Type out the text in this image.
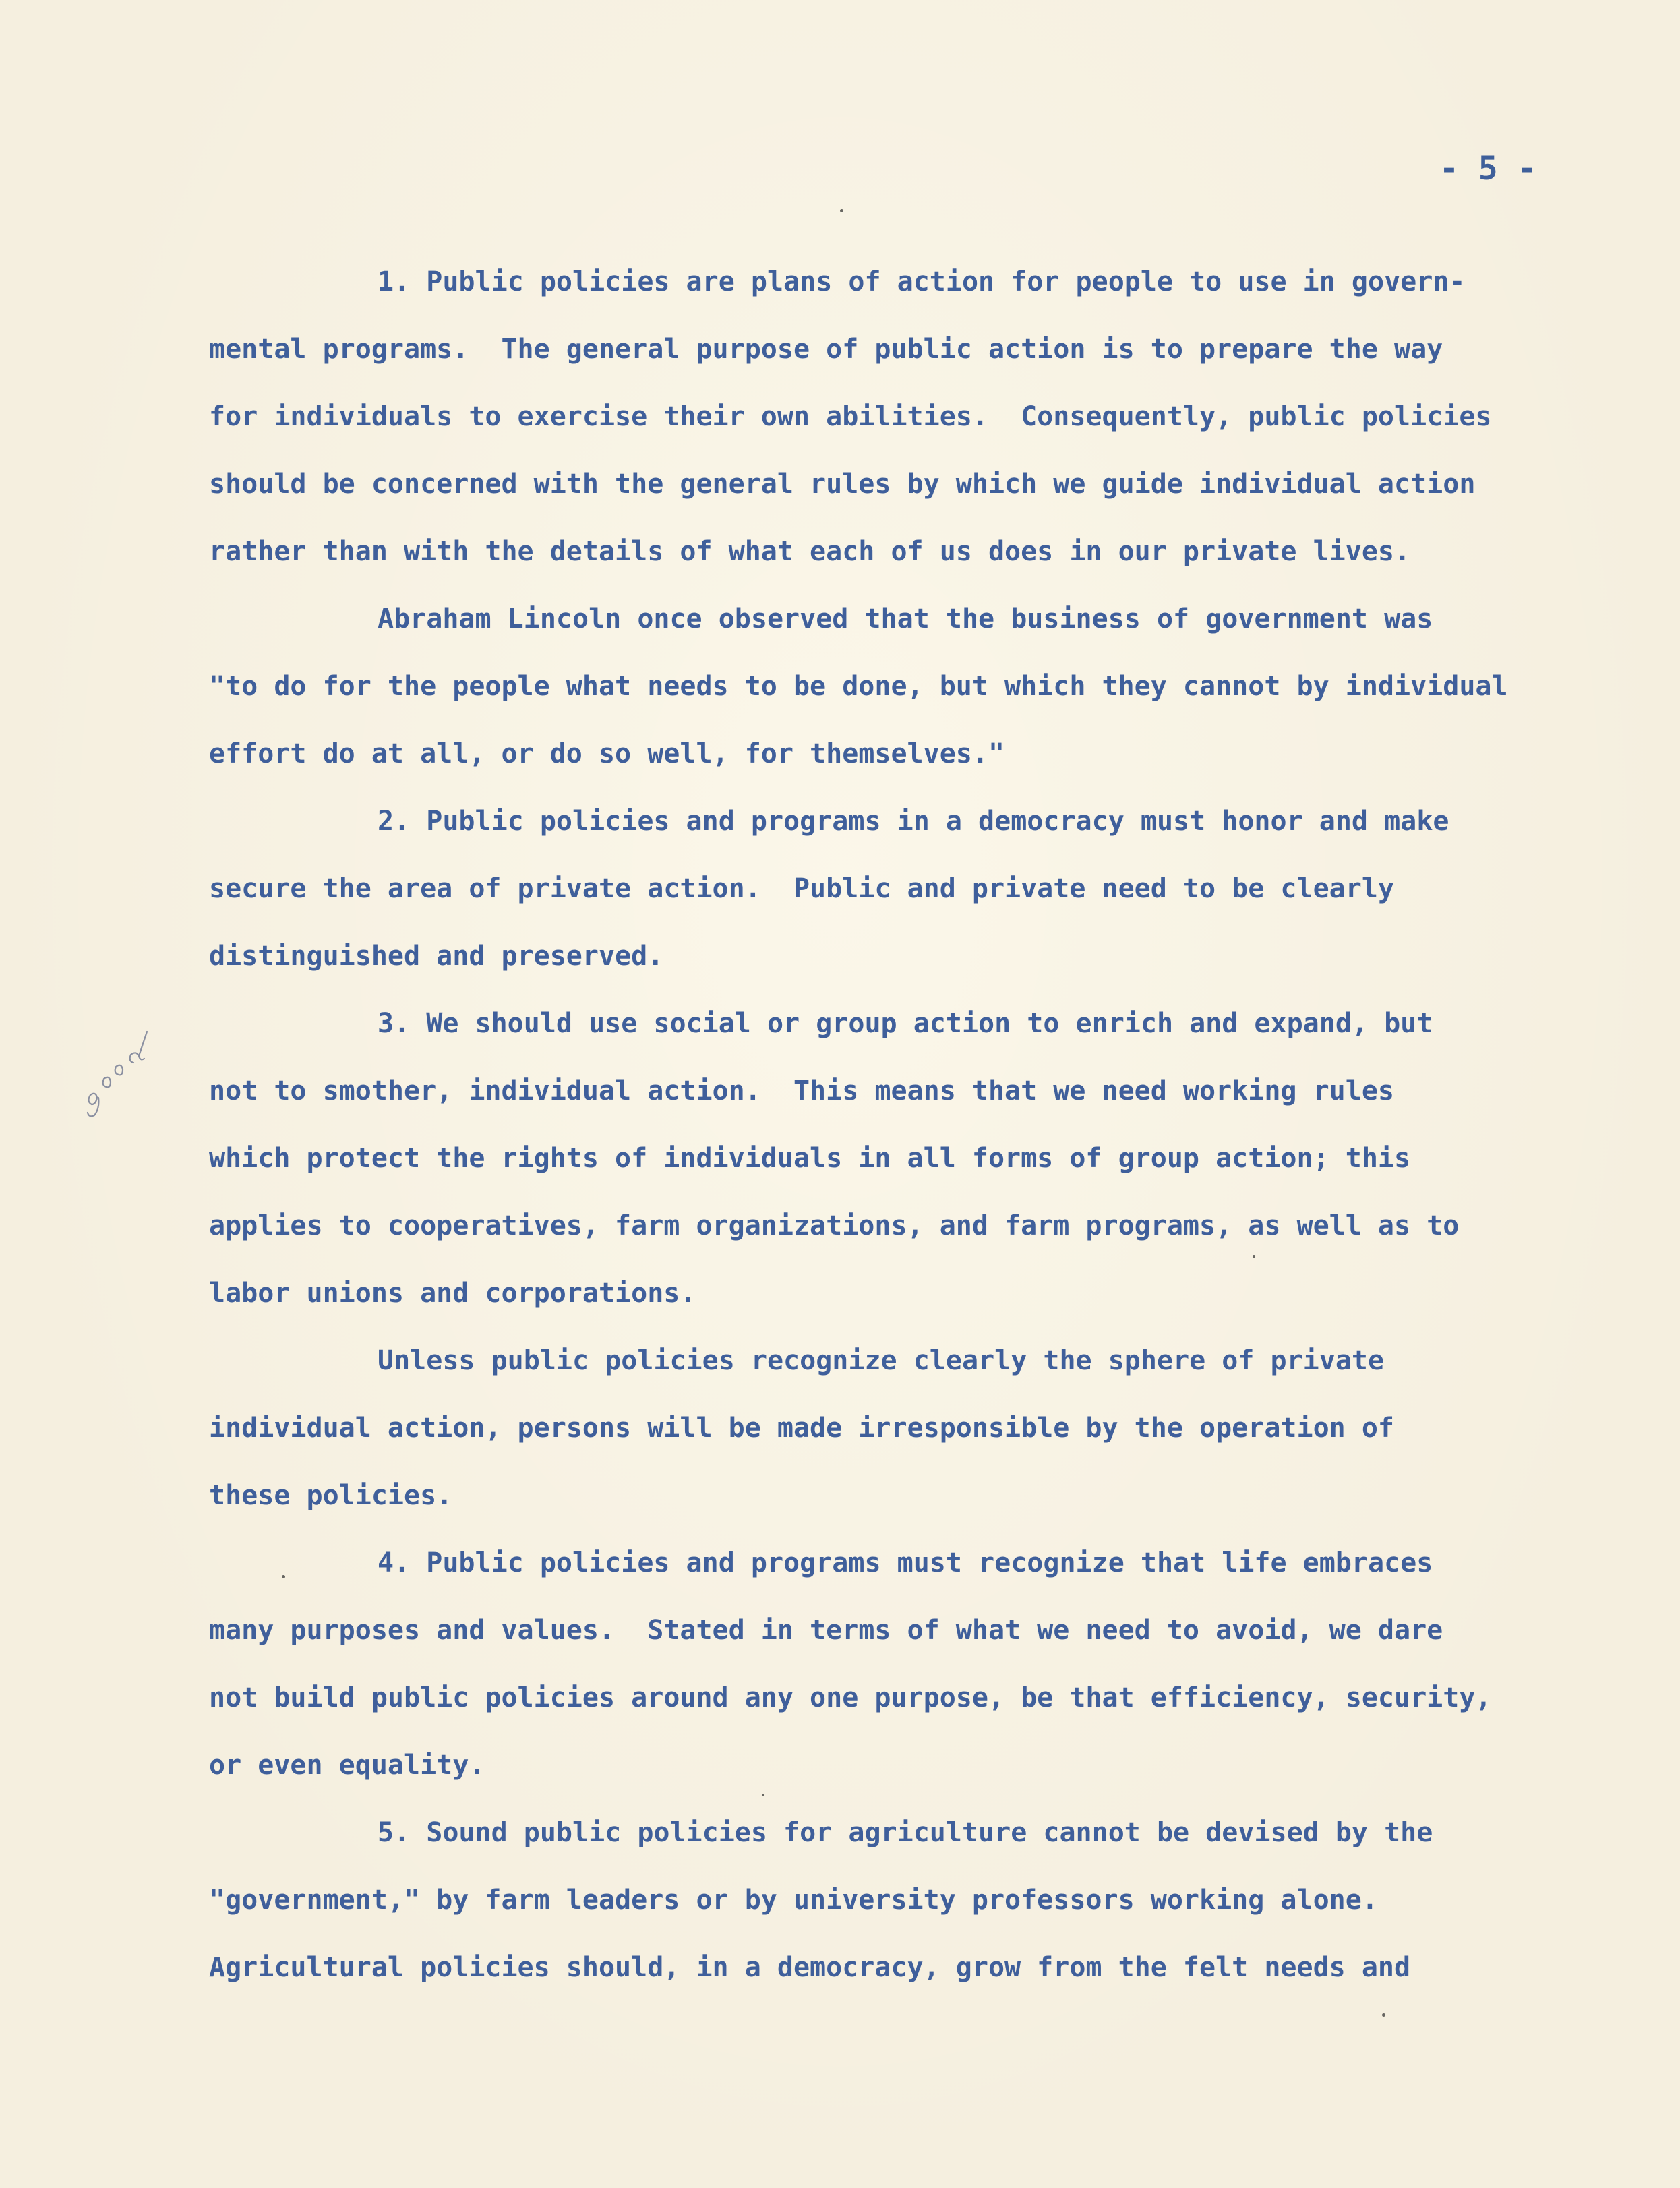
- 5 -
1. Public policies are plans of action for people to use in govern-
mental programs.  The general purpose of public action is to prepare the way
for individuals to exercise their own abilities.  Consequently, public policies
should be concerned with the general rules by which we guide individual action
rather than with the details of what each of us does in our private lives.
Abraham Lincoln once observed that the business of government was
"to do for the people what needs to be done, but which they cannot by individual
effort do at all, or do so well, for themselves."
2. Public policies and programs in a democracy must honor and make
secure the area of private action.  Public and private need to be clearly
distinguished and preserved.
3. We should use social or group action to enrich and expand, but
not to smother, individual action.  This means that we need working rules
which protect the rights of individuals in all forms of group action; this
applies to cooperatives, farm organizations, and farm programs, as well as to
labor unions and corporations.
Unless public policies recognize clearly the sphere of private
individual action, persons will be made irresponsible by the operation of
these policies.
4. Public policies and programs must recognize that life embraces
many purposes and values.  Stated in terms of what we need to avoid, we dare
not build public policies around any one purpose, be that efficiency, security,
or even equality.
5. Sound public policies for agriculture cannot be devised by the
"government," by farm leaders or by university professors working alone.
Agricultural policies should, in a democracy, grow from the felt needs and
